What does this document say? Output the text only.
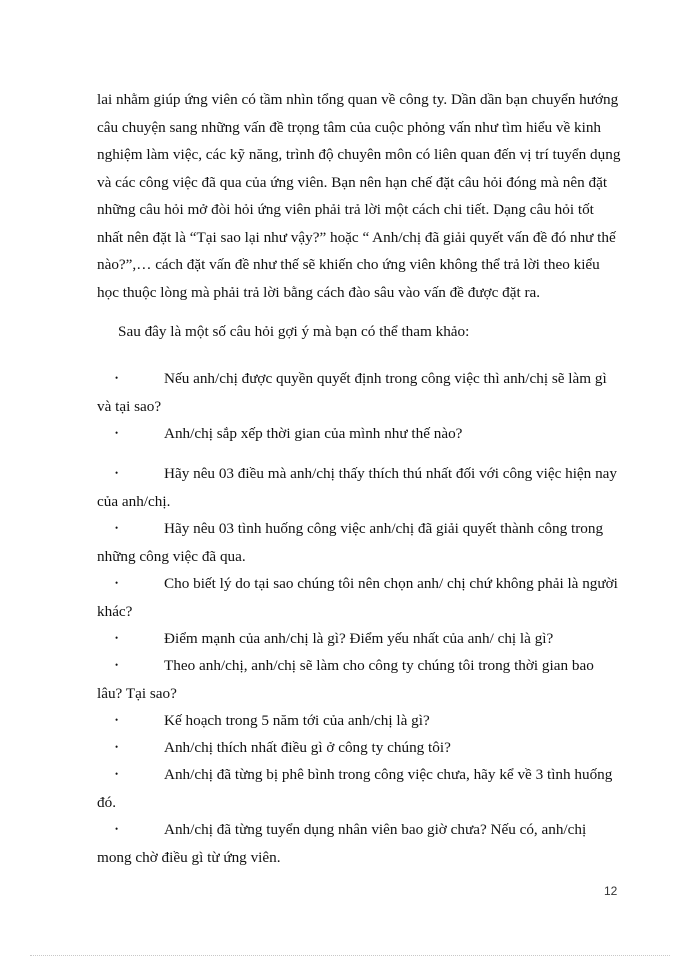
lai nhằm giúp ứng viên có tầm nhìn tổng quan về công ty. Dần dần bạn chuyển hướng câu chuyện sang những vấn đề trọng tâm của cuộc phỏng vấn như tìm hiểu về kinh nghiệm làm việc, các kỹ năng, trình độ chuyên môn có liên quan đến vị trí tuyển dụng và các công việc đã qua của ứng viên. Bạn nên hạn chế đặt câu hỏi đóng mà nên đặt những câu hỏi mở đòi hỏi ứng viên phải trả lời một cách chi tiết. Dạng câu hỏi tốt nhất nên đặt là “Tại sao lại như vậy?” hoặc “ Anh/chị đã giải quyết vấn đề đó như thế nào?”,… cách đặt vấn đề như thế sẽ khiến cho ứng viên không thể trả lời theo kiểu học thuộc lòng mà phải trả lời bằng cách đào sâu vào vấn đề được đặt ra.

Sau đây là một số câu hỏi gợi ý mà bạn có thể tham khảo:

•	Nếu anh/chị được quyền quyết định trong công việc thì anh/chị sẽ làm gì và tại sao?
•	Anh/chị sắp xếp thời gian của mình như thế nào?
•	Hãy nêu 03 điều mà anh/chị thấy thích thú nhất đối với công việc hiện nay của anh/chị.
•	Hãy nêu 03 tình huống công việc anh/chị đã giải quyết thành công trong những công việc đã qua.
•	Cho biết lý do tại sao chúng tôi nên chọn anh/ chị chứ không phải là người khác?
•	Điểm mạnh của anh/chị là gì? Điểm yếu nhất của anh/ chị là gì?
•	Theo anh/chị, anh/chị sẽ làm cho công ty chúng tôi trong thời gian bao lâu? Tại sao?
•	Kế hoạch trong 5 năm tới của anh/chị là gì?
•	Anh/chị thích nhất điều gì ở công ty chúng tôi?
•	Anh/chị đã từng bị phê bình trong công việc chưa, hãy kể về 3 tình huống đó.
•	Anh/chị đã từng tuyển dụng nhân viên bao giờ chưa? Nếu có, anh/chị mong chờ điều gì từ ứng viên.
12
